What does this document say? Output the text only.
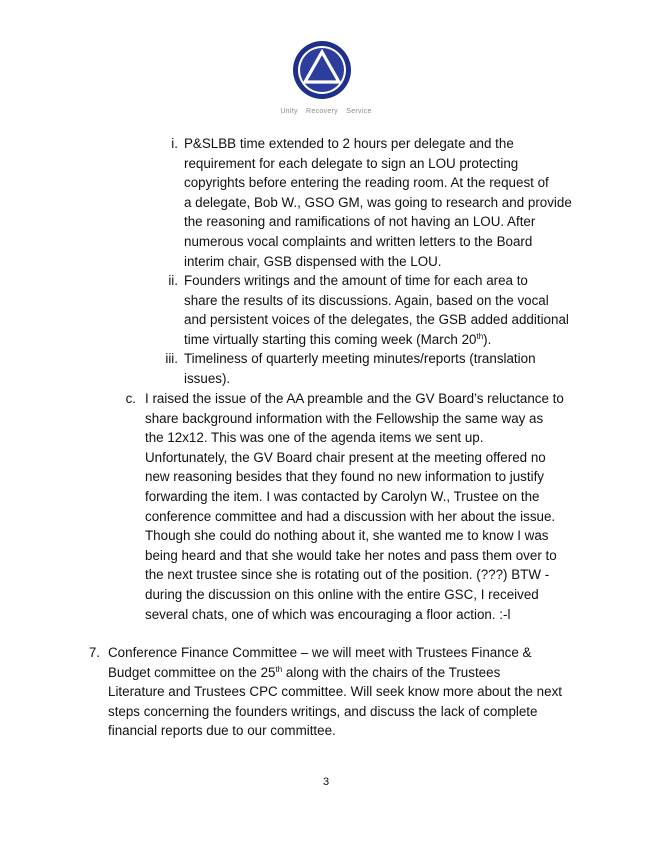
Unity Recovery Service
i. P&SLBB time extended to 2 hours per delegate and the
requirement for each delegate to sign an LOU protecting
copyrights before entering the reading room. At the request of
a delegate, Bob W., GSO GM, was going to research and provide
the reasoning and ramifications of not having an LOU. After
numerous vocal complaints and written letters to the Board
interim chair, GSB dispensed with the LOU.
ii. Founders writings and the amount of time for each area to
share the results of its discussions. Again, based on the vocal
and persistent voices of the delegates, the GSB added additional
time virtually starting this coming week (March 20th).
iii. Timeliness of quarterly meeting minutes/reports (translation
issues).
c. I raised the issue of the AA preamble and the GV Board’s reluctance to
share background information with the Fellowship the same way as
the 12x12. This was one of the agenda items we sent up.
Unfortunately, the GV Board chair present at the meeting offered no
new reasoning besides that they found no new information to justify
forwarding the item. I was contacted by Carolyn W., Trustee on the
conference committee and had a discussion with her about the issue.
Though she could do nothing about it, she wanted me to know I was
being heard and that she would take her notes and pass them over to
the next trustee since she is rotating out of the position. (???) BTW -
during the discussion on this online with the entire GSC, I received
several chats, one of which was encouraging a floor action. :-l
7. Conference Finance Committee – we will meet with Trustees Finance &
Budget committee on the 25th along with the chairs of the Trustees
Literature and Trustees CPC committee. Will seek know more about the next
steps concerning the founders writings, and discuss the lack of complete
financial reports due to our committee.
3
